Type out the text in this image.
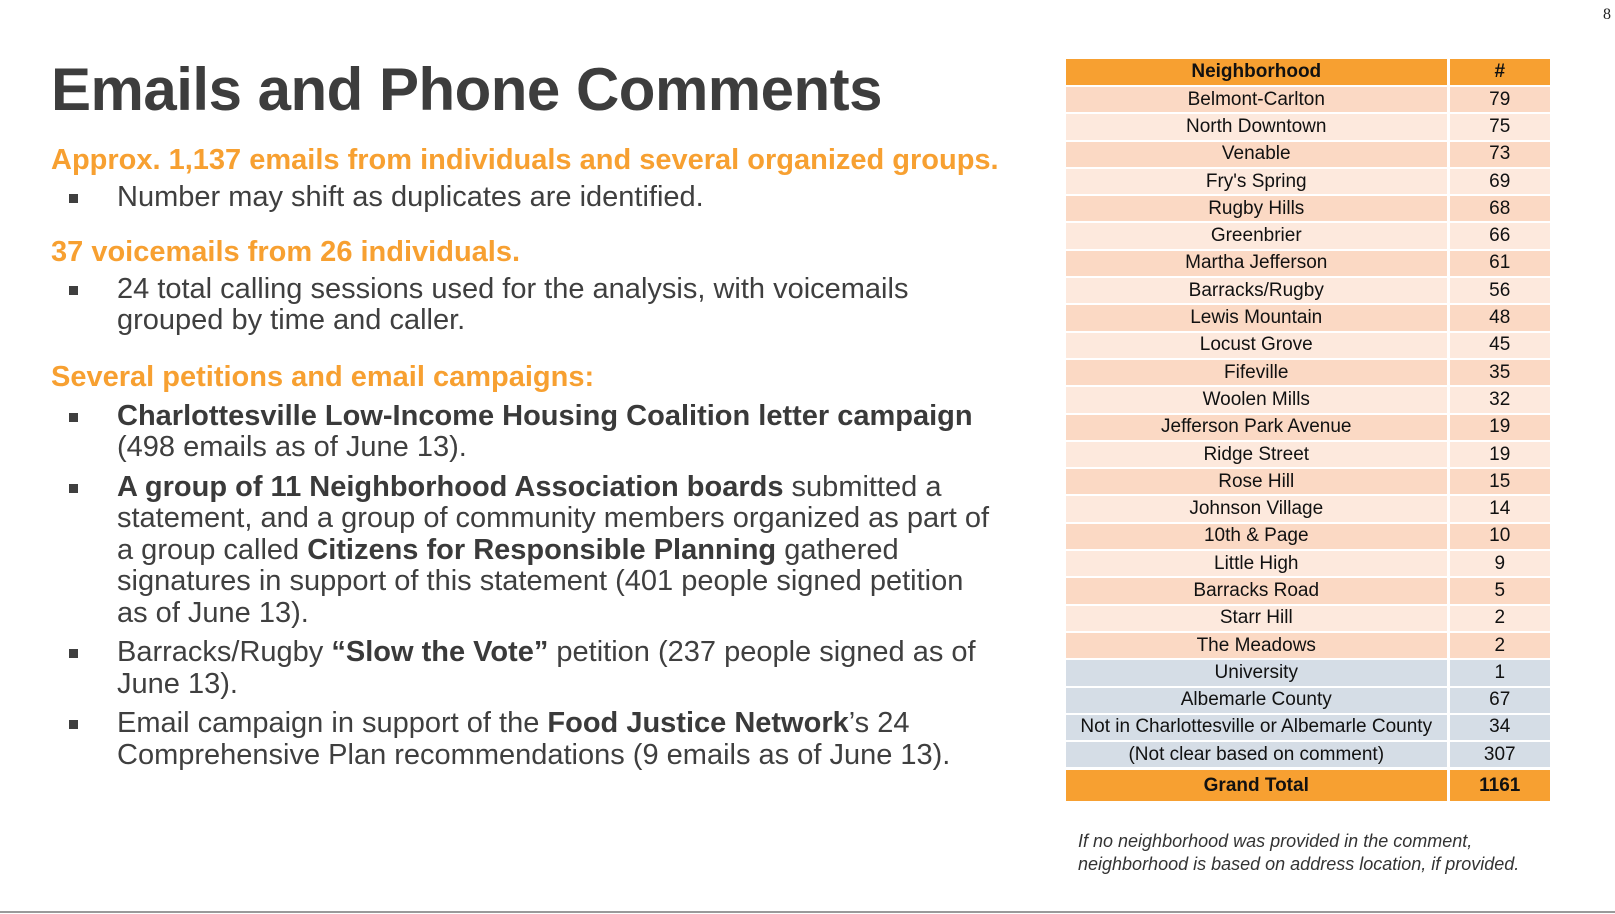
8
Emails and Phone Comments
Approx. 1,137 emails from individuals and several organized groups.
Number may shift as duplicates are identified.
37 voicemails from 26 individuals.
24 total calling sessions used for the analysis, with voicemails grouped by time and caller.
Several petitions and email campaigns:
Charlottesville Low-Income Housing Coalition letter campaign (498 emails as of June 13).
A group of 11 Neighborhood Association boards submitted a statement, and a group of community members organized as part of a group called Citizens for Responsible Planning gathered signatures in support of this statement (401 people signed petition as of June 13).
Barracks/Rugby “Slow the Vote” petition (237 people signed as of June 13).
Email campaign in support of the Food Justice Network’s 24 Comprehensive Plan recommendations (9 emails as of June 13).
Neighborhood	#
Belmont-Carlton	79
North Downtown	75
Venable	73
Fry's Spring	69
Rugby Hills	68
Greenbrier	66
Martha Jefferson	61
Barracks/Rugby	56
Lewis Mountain	48
Locust Grove	45
Fifeville	35
Woolen Mills	32
Jefferson Park Avenue	19
Ridge Street	19
Rose Hill	15
Johnson Village	14
10th & Page	10
Little High	9
Barracks Road	5
Starr Hill	2
The Meadows	2
University	1
Albemarle County	67
Not in Charlottesville or Albemarle County	34
(Not clear based on comment)	307
Grand Total	1161
If no neighborhood was provided in the comment, neighborhood is based on address location, if provided.
